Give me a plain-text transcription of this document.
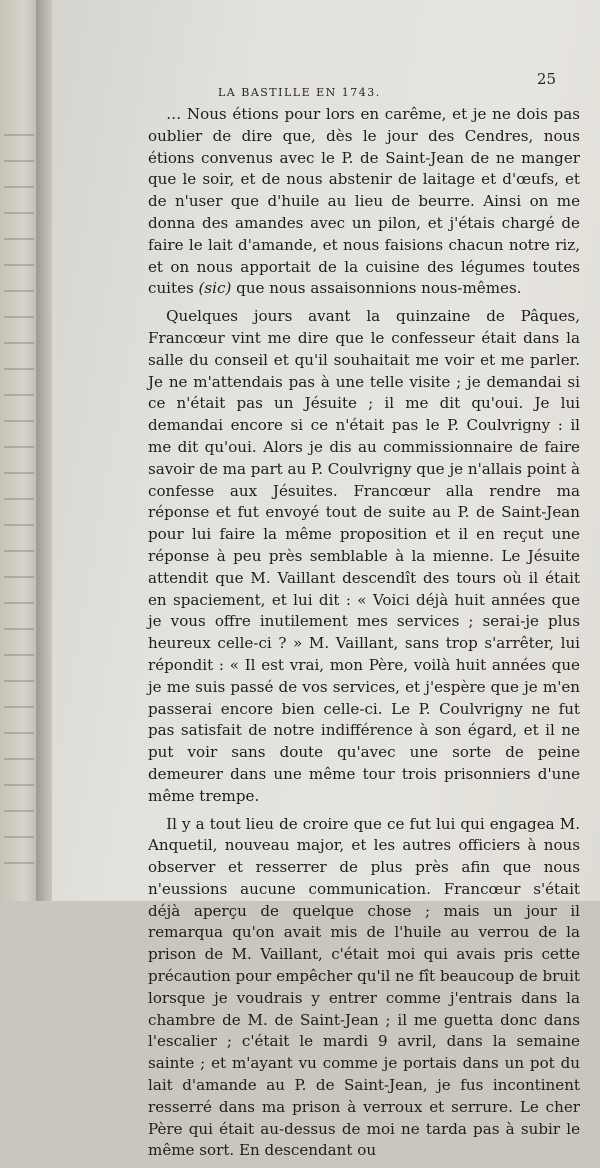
LA BASTILLE EN 1743.
25

… Nous étions pour lors en carême, et je ne dois pas oublier de dire que, dès le jour des Cendres, nous étions convenus avec le P. de Saint-Jean de ne manger que le soir, et de nous abstenir de laitage et d'œufs, et de n'user que d'huile au lieu de beurre. Ainsi on me donna des amandes avec un pilon, et j'étais chargé de faire le lait d'amande, et nous faisions chacun notre riz, et on nous apportait de la cuisine des légumes toutes cuites (sic) que nous assaisonnions nous-mêmes.

Quelques jours avant la quinzaine de Pâques, Francœur vint me dire que le confesseur était dans la salle du conseil et qu'il souhaitait me voir et me parler. Je ne m'attendais pas à une telle visite ; je demandai si ce n'était pas un Jésuite ; il me dit qu'oui. Je lui demandai encore si ce n'était pas le P. Coulvrigny : il me dit qu'oui. Alors je dis au commissionnaire de faire savoir de ma part au P. Coulvrigny que je n'allais point à confesse aux Jésuites. Francœur alla rendre ma réponse et fut envoyé tout de suite au P. de Saint-Jean pour lui faire la même proposition et il en reçut une réponse à peu près semblable à la mienne. Le Jésuite attendit que M. Vaillant descendît des tours où il était en spaciement, et lui dit : « Voici déjà huit années que je vous offre inutilement mes services ; serai-je plus heureux celle-ci ? » M. Vaillant, sans trop s'arrêter, lui répondit : « Il est vrai, mon Père, voilà huit années que je me suis passé de vos services, et j'espère que je m'en passerai encore bien celle-ci. Le P. Coulvrigny ne fut pas satisfait de notre indifférence à son égard, et il ne put voir sans doute qu'avec une sorte de peine demeurer dans une même tour trois prisonniers d'une même trempe.

Il y a tout lieu de croire que ce fut lui qui engagea M. Anquetil, nouveau major, et les autres officiers à nous observer et resserrer de plus près afin que nous n'eussions aucune communication. Francœur s'était déjà aperçu de quelque chose ; mais un jour il remarqua qu'on avait mis de l'huile au verrou de la prison de M. Vaillant, c'était moi qui avais pris cette précaution pour empêcher qu'il ne fît beaucoup de bruit lorsque je voudrais y entrer comme j'entrais dans la chambre de M. de Saint-Jean ; il me guetta donc dans l'escalier ; c'était le mardi 9 avril, dans la semaine sainte ; et m'ayant vu comme je portais dans un pot du lait d'amande au P. de Saint-Jean, je fus incontinent resserré dans ma prison à verroux et serrure. Le cher Père qui était au-dessus de moi ne tarda pas à subir le même sort. En descendant ou
